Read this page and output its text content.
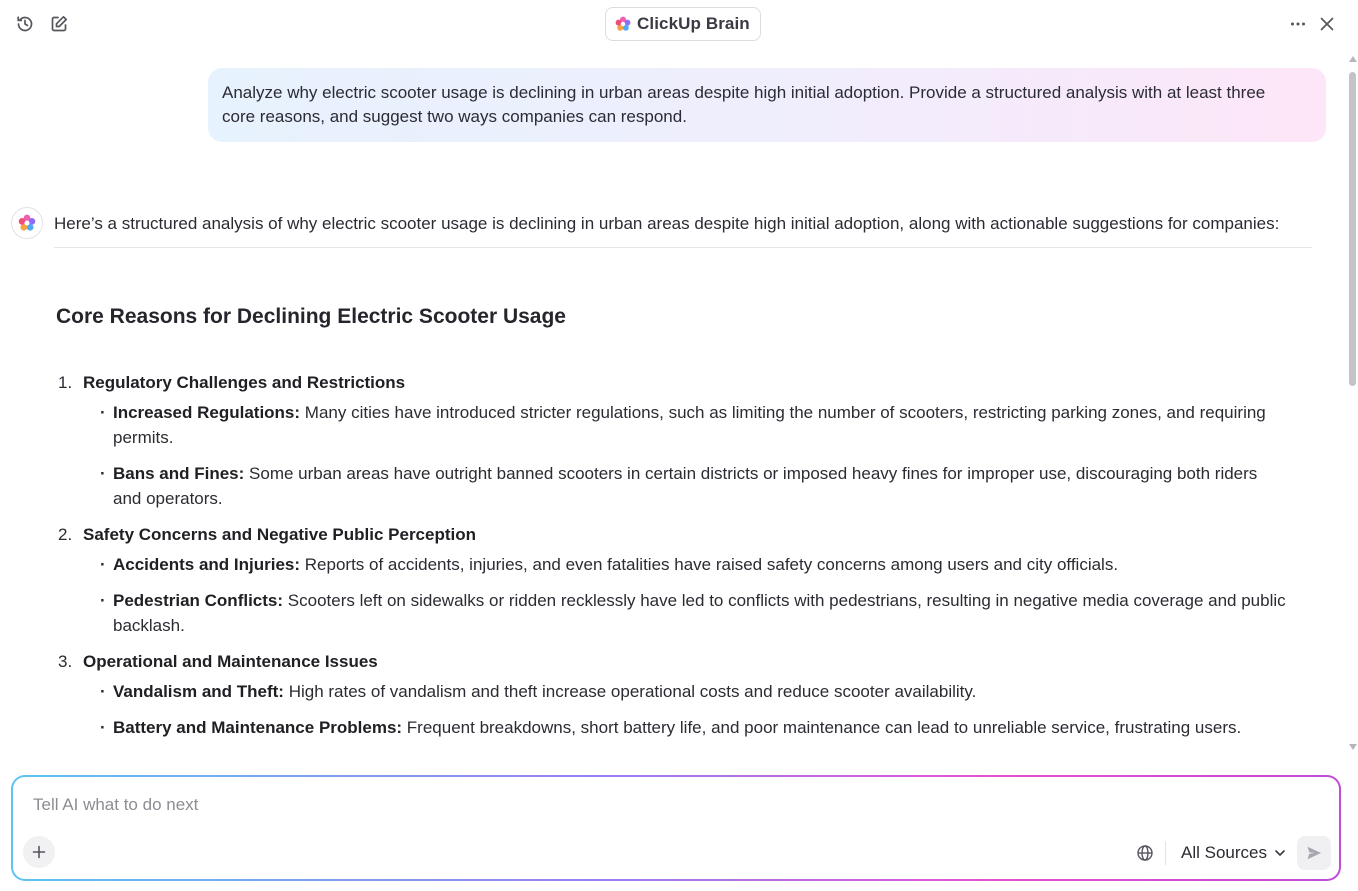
ClickUp Brain
Analyze why electric scooter usage is declining in urban areas despite high initial adoption. Provide a structured analysis with at least three core reasons, and suggest two ways companies can respond.
Here’s a structured analysis of why electric scooter usage is declining in urban areas despite high initial adoption, along with actionable suggestions for companies:
Core Reasons for Declining Electric Scooter Usage
1. Regulatory Challenges and Restrictions
· Increased Regulations: Many cities have introduced stricter regulations, such as limiting the number of scooters, restricting parking zones, and requiring permits.
· Bans and Fines: Some urban areas have outright banned scooters in certain districts or imposed heavy fines for improper use, discouraging both riders and operators.
2. Safety Concerns and Negative Public Perception
· Accidents and Injuries: Reports of accidents, injuries, and even fatalities have raised safety concerns among users and city officials.
· Pedestrian Conflicts: Scooters left on sidewalks or ridden recklessly have led to conflicts with pedestrians, resulting in negative media coverage and public backlash.
3. Operational and Maintenance Issues
· Vandalism and Theft: High rates of vandalism and theft increase operational costs and reduce scooter availability.
· Battery and Maintenance Problems: Frequent breakdowns, short battery life, and poor maintenance can lead to unreliable service, frustrating users.
Tell AI what to do next
All Sources
